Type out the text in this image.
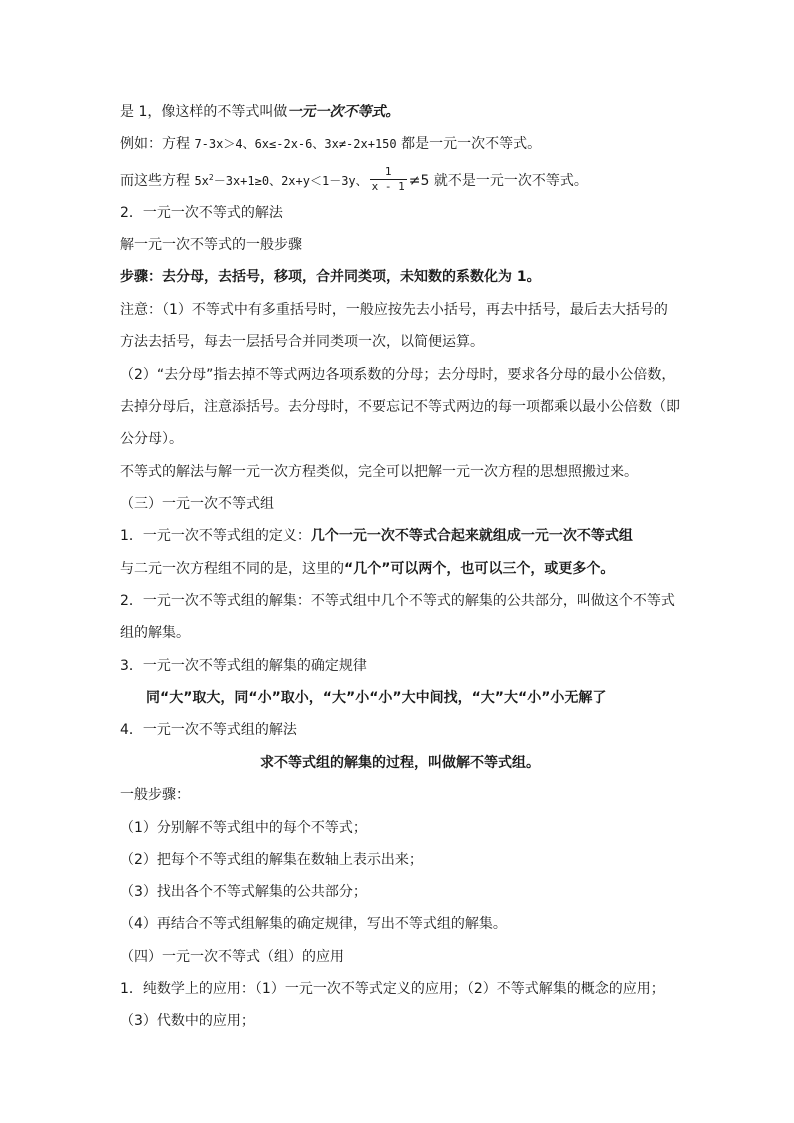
是 1，像这样的不等式叫做一元一次不等式。
例如：方程 7-3x＞4、6x≤-2x-6、3x≠-2x+150 都是一元一次不等式。
而这些方程 $5x^2-3x+1\ge 0$、2x+y＜1－3y、 $\frac{1}{x - 1} \ne 5$ 就不是一元一次不等式。
2．一元一次不等式的解法
解一元一次不等式的一般步骤
步骤：去分母，去括号，移项，合并同类项，未知数的系数化为 1。
注意：（1）不等式中有多重括号时，一般应按先去小括号，再去中括号，最后去大括号的
方法去括号，每去一层括号合并同类项一次，以简便运算。
（2）“去分母”指去掉不等式两边各项系数的分母；去分母时，要求各分母的最小公倍数，
去掉分母后，注意添括号。去分母时，不要忘记不等式两边的每一项都乘以最小公倍数（即
公分母）。
不等式的解法与解一元一次方程类似，完全可以把解一元一次方程的思想照搬过来。
（三）一元一次不等式组
1．一元一次不等式组的定义：几个一元一次不等式合起来就组成一元一次不等式组
与二元一次方程组不同的是，这里的“几个”可以两个，也可以三个，或更多个。
2．一元一次不等式组的解集：不等式组中几个不等式的解集的公共部分，叫做这个不等式
组的解集。
3．一元一次不等式组的解集的确定规律
同“大”取大，同“小”取小，“大”小“小”大中间找，“大”大“小”小无解了
4．一元一次不等式组的解法
求不等式组的解集的过程，叫做解不等式组。
一般步骤：
（1）分别解不等式组中的每个不等式；
（2）把每个不等式组的解集在数轴上表示出来；
（3）找出各个不等式解集的公共部分；
（4）再结合不等式组解集的确定规律，写出不等式组的解集。
（四）一元一次不等式（组）的应用
1．纯数学上的应用：（1）一元一次不等式定义的应用；（2）不等式解集的概念的应用；
（3）代数中的应用；
